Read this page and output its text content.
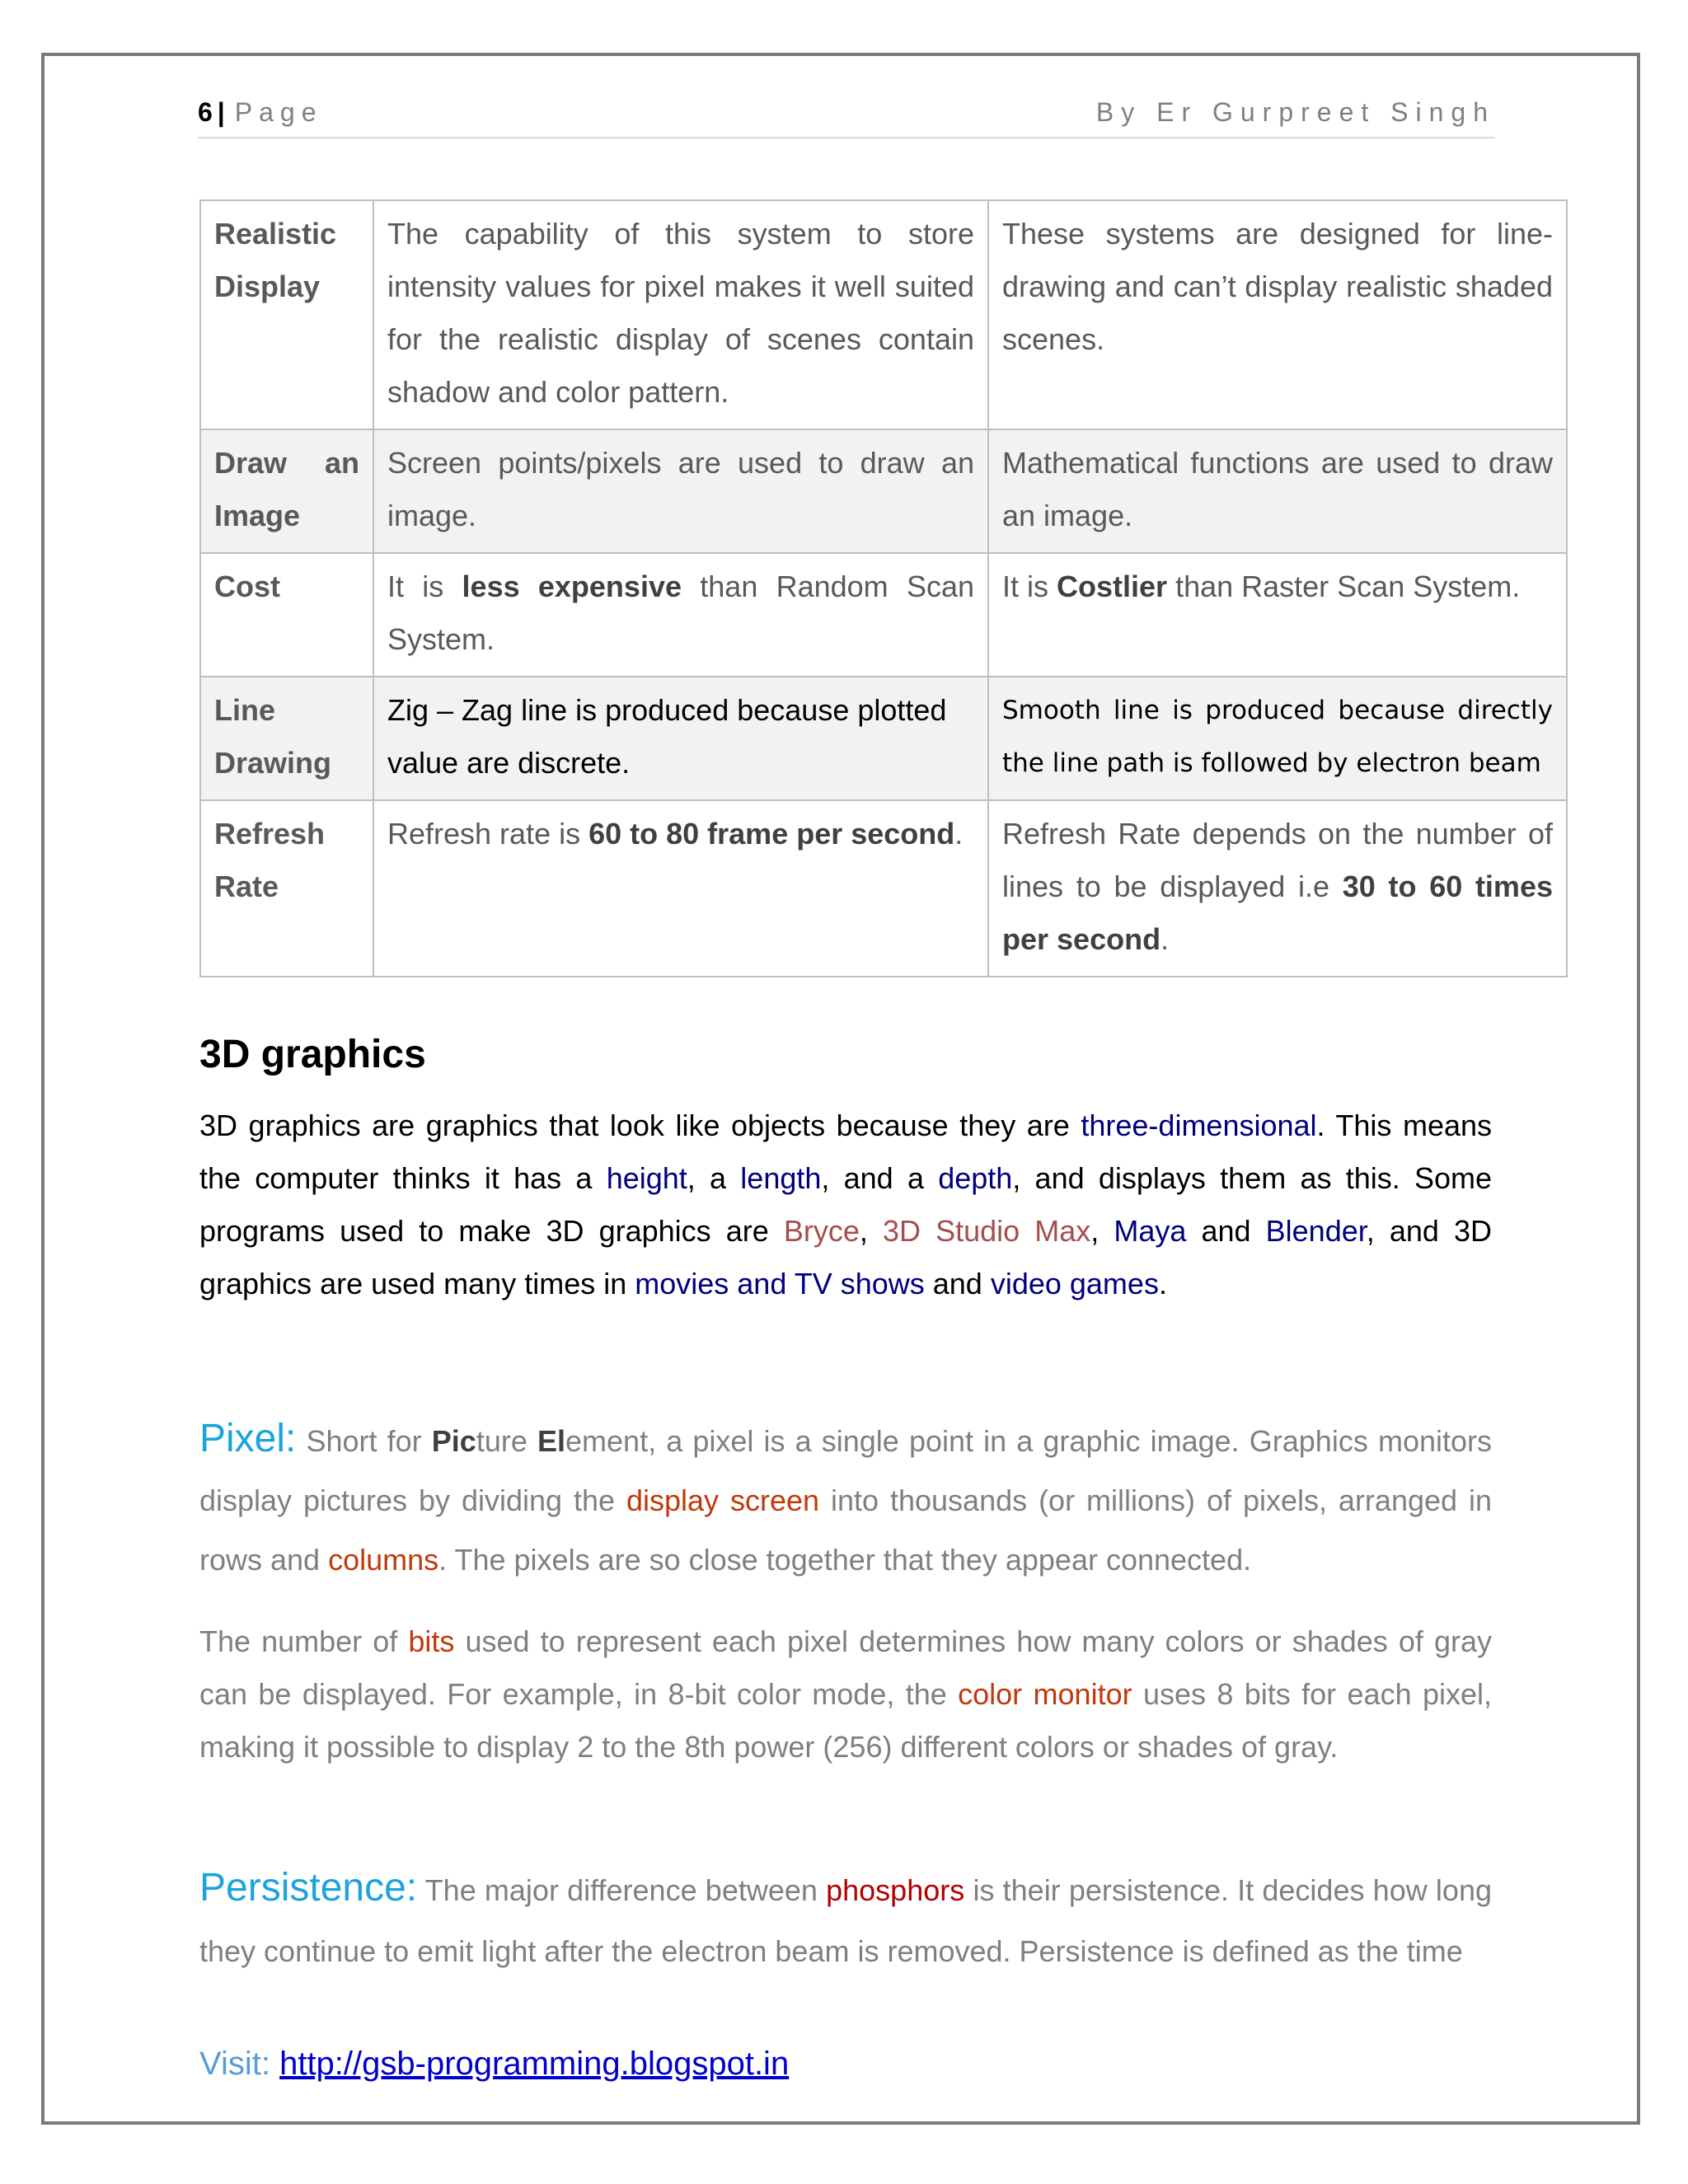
6 | Page	By Er Gurpreet Singh
Realistic Display	The capability of this system to store intensity values for pixel makes it well suited for the realistic display of scenes contain shadow and color pattern.	These systems are designed for line-drawing and can’t display realistic shaded scenes.
Draw an Image	Screen points/pixels are used to draw an image.	Mathematical functions are used to draw an image.
Cost	It is less expensive than Random Scan System.	It is Costlier than Raster Scan System.
Line Drawing	Zig – Zag line is produced because plotted value are discrete.	Smooth line is produced because directly the line path is followed by electron beam
Refresh Rate	Refresh rate is 60 to 80 frame per second.	Refresh Rate depends on the number of lines to be displayed i.e 30 to 60 times per second.
3D graphics
3D graphics are graphics that look like objects because they are three-dimensional. This means the computer thinks it has a height, a length, and a depth, and displays them as this. Some programs used to make 3D graphics are Bryce, 3D Studio Max, Maya and Blender, and 3D graphics are used many times in movies and TV shows and video games.
Pixel: Short for Picture Element, a pixel is a single point in a graphic image. Graphics monitors display pictures by dividing the display screen into thousands (or millions) of pixels, arranged in rows and columns. The pixels are so close together that they appear connected.
The number of bits used to represent each pixel determines how many colors or shades of gray can be displayed. For example, in 8-bit color mode, the color monitor uses 8 bits for each pixel, making it possible to display 2 to the 8th power (256) different colors or shades of gray.
Persistence: The major difference between phosphors is their persistence. It decides how long they continue to emit light after the electron beam is removed. Persistence is defined as the time
Visit: http://gsb-programming.blogspot.in
